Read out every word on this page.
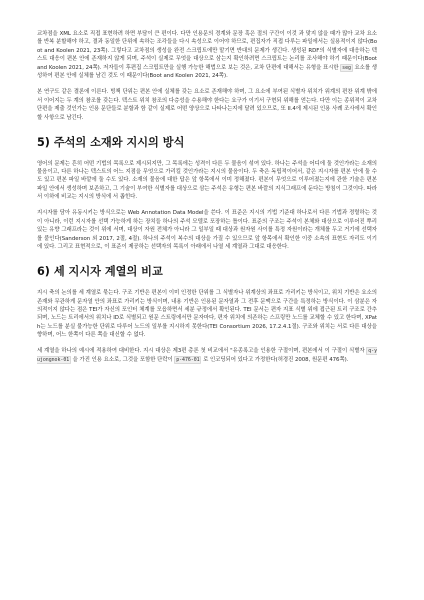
교차점을 XML 요소로 직접 표현하려 하면 부담이 큰 편이다. 다만 인용문의 경계와 문장 혹은 절의 구간이 이것 과 맞지 않을 때가 많아 교차 요소를 반복 분할해야 하고, 결과 동일한 단위에 속하는 조각들을 다시 속성으로 이어야 하므로, 편집자가 직접 다루는 파일에서는 실용적이지 않다(Boot and Koolen 2021, 23쪽). 그렇다고 교차점의 생성을 완전 스크립트에만 맡기면 반대의 문제가 생긴다. 생성된 RDF의 식별자에 대응하는 텍스트 대응이 편본 안에 존재하지 않게 되며, 주석이 실제로 무엇을 대상으로 삼는지 확인하려면 스크립트는 논리를 조사해야 하기 때문이다(Boot and Koolen 2021, 24쪽). 저자들이 후편집 스크립트만을 실행 가능한 해법으로 보는 것은, 교차 단편에 대해서는 유형을 표시한 seg 요소를 생성하여 편본 안에 실체를 남긴 것도 이 때문이다(Boot and Koolen 2021, 24쪽).

본 연구도 같은 결론에 이른다. 빙책 단위는 편본 안에 실체를 갖는 요소로 존재해야 하며, 그 요소에 부여된 식별자 위치가 위계의 편찬 위계 밖에서 이어지는 두 계의 참조를 갖는다. 텍스트 위치 참조의 다층성을 수용해야 한다는 요구가 이기서 구현되 위해를 얻는다. 다만 이는 종위적이 교차 단편을 제출 것인가는 인용 문단들로 분할과 함 같이 실제로 어떤 양상으로 나타나는지에 달려 있으므로, 또 II.4에 제시된 인용 사례 조사에서 확인할 사항으로 남긴다.

5) 주석의 소재와 지시의 방식

영어의 문제는 흔히 어떤 기법의 목록으로 제시되지만, 그 목록에는 성격이 다른 두 물음이 섞여 있다. 하나는 주석을 어디에 둘 것인가라는 소재의 물음이고, 다른 하나는 텍스트의 어느 지점을 무엇으로 가리킬 것인가라는 지시의 물음이다. 두 축은 독립적이어서, 같은 지시자를 편본 안에 둘 수도 있고 편본 파일 바깥에 둘 수도 있다. 소재의 물음에 대한 답은 앞 항목에서 이미 정해졌다. 편본이 무엇으로 이루어졌는지에 관한 기술은 편본 파일 안에서 생성하며 보존하고, 그 기술이 부여한 식별자를 대상으로 삼는 주석은 유형는 편본 바깥의 지식그래프에 둔다는 방침이 그것이다. 따라서 이하에 비교는 지시의 방식에 서 좁힌다.

지시자를 담아 유동시키는 방식으로는 Web Annotation Data Model을 쓴다. 이 표준은 지시의 기법 기준대 하나로서 다른 기법과 정렬하는 것이 아니라, 이런 지시자를 선택 가능하게 하는 장치들 하나의 주석 모델로 포장하는 틀이다. 표준의 구조는 주석이 본체와 대상으로 이루어진 뿌리 있는 유향 그래프라는 것이 위에 서며, 대상이 자원 전체가 아니라 그 일부일 때 대상과 원자원 사이를 특정 자원이라는 개체를 두고 거기에 선택자를 붙인다(Sanderson 외 2017, 2절, 4절). 하나의 주석이 복수의 대상을 가질 수 있으므로 앞 항목에서 확인한 이중 소속의 표현도 자리도 이기에 있다. 그리고 표현적으로, 이 표준이 제공하는 선택자의 목록이 아래에서 나열 세 계열과 그대로 대응한다.

6) 세 지시자 계열의 비교

지시 축의 논의를 세 계열로 묶는다. 구조 기반은 편본이 이미 인정한 단위를 그 식별자나 위계상의 좌표로 가리키는 방식이고, 위치 기반은 요소의 존재와 무관하게 문자열 안의 좌표로 가리키는 방식이며, 내용 기반은 인용된 문자열과 그 전후 문맥으로 구간을 특정하는 방식이다. 이 삼분은 자의적이지 않다는 점은 TEI가 자신의 포인터 체계를 모읍하면서 세분 규정에서 확인된다. TEI 문서는 편자 지표 식별 위에 접근된 트리 구조로 간추되며, 노드는 트리에서의 위치나 ID로 식별되고 원문 스트링에서만 문자마다, 편자 위치에 의존하는 스프링만 노드를 교체할 수 있고 한다며, XPath는 노드를 분실 불가능한 단위로 다루어 노드의 일부를 지시하지 못한다(TEI Consortium 2026, 17.2.4.1절). 구조와 위치는 서로 다른 대상을 향하며, 어느 한쪽이 다른 쪽을 대신할 수 없다.

세 계열을 하나의 예시에 적용하여 대비한다. 지시 대상은 제3편 총론 첫 비교에서 "유종록고을 인용한 구절이며, 편본에서 이 구절이 식별자 q-yujongnok-01 을 가진 인용 요소로, 그것을 포함한 단락이 p-476-01 로 인코딩되어 있다고 가정한다(허경진 2008, 원문편 476쪽).
